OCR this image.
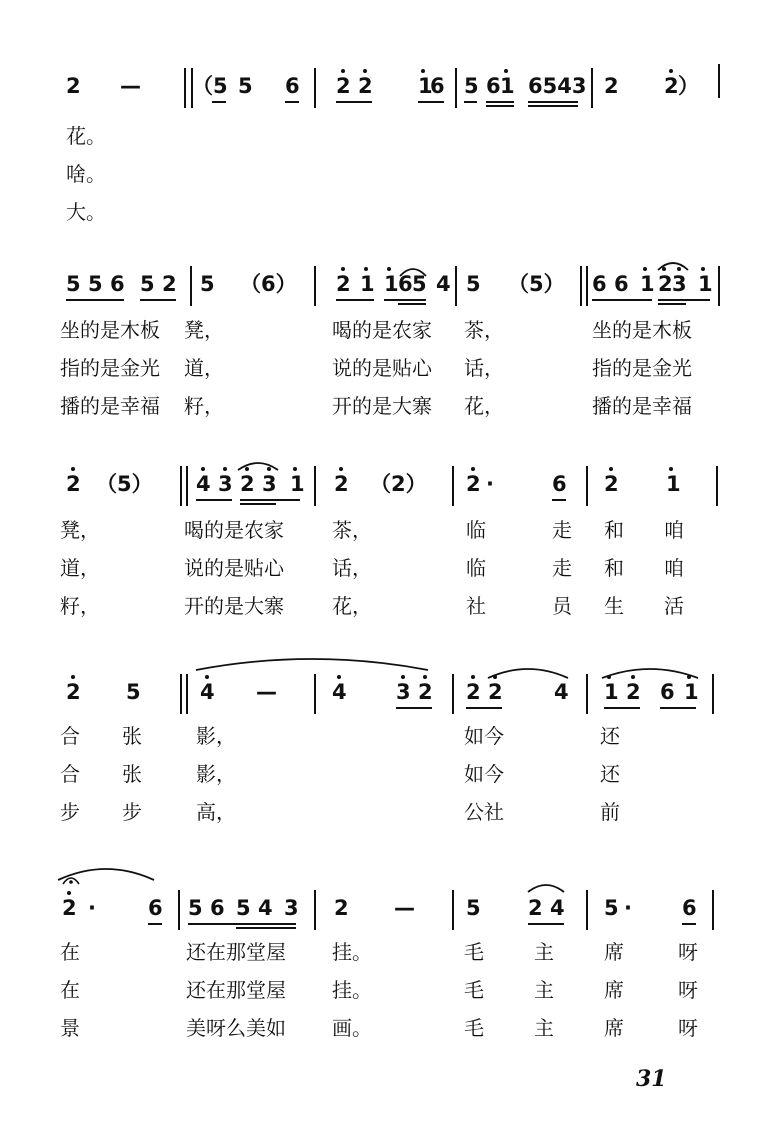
2 — （ 5 5 6 2 2 1
6 5 6 1 6543 2 2 ）
花。
啥。
大。
5 5 6 5 2 5 （6） 2 1 1 6 5 4 5 （5） 6 6 1 2 3 1
坐的是木板 凳，	喝的是农家 茶，	坐的是木板
指的是金光 道，	说的是贴心 话，	指的是金光
播的是幸福 籽，	开的是大寨 花，	播的是幸福
2 （5） 4 3 2 3 1 2 （2） 2 ·	6 2 1
凳，	喝的是农家 茶，	临	走 和 咱
道，	说的是贴心 话，	临	走 和 咱
籽，	开的是大寨 花，	社	员 生 活
2 5	4 —	4 3 2 2 2 4 1 2 6 1
合 张	影，	如今	还
合 张	影，	如今	还
步 步	高，	公社	前
2 · 6 5 6 5 4 3 2 — 5 2 4 5 · 6
在	还在那堂屋 挂。	毛	主	席	呀
在	还在那堂屋 挂。	毛	主	席	呀
景	美呀么美如 画。	毛	主	席	呀
31
